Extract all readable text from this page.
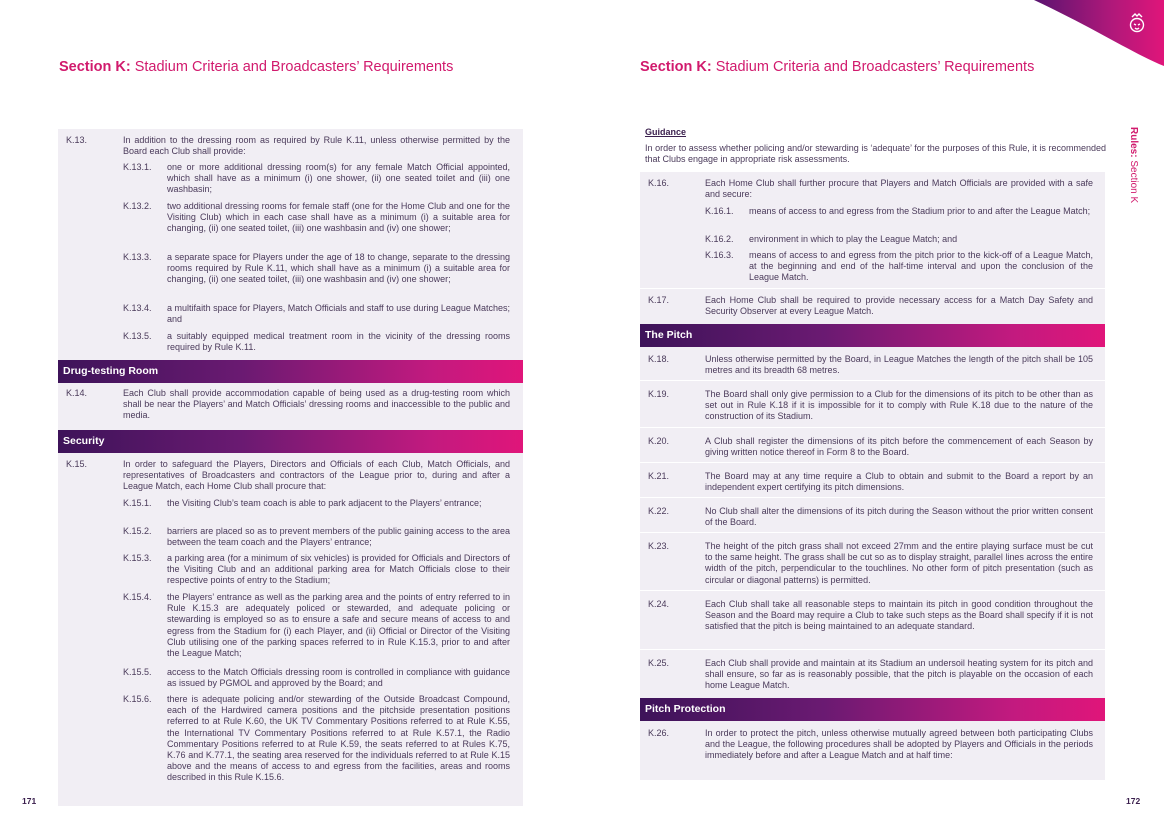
Section K: Stadium Criteria and Broadcasters’ Requirements
K.13.	In addition to the dressing room as required by Rule K.11, unless otherwise permitted by the Board each Club shall provide:
K.13.1. one or more additional dressing room(s) for any female Match Official appointed, which shall have as a minimum (i) one shower, (ii) one seated toilet and (iii) one washbasin;
K.13.2. two additional dressing rooms for female staff (one for the Home Club and one for the Visiting Club) which in each case shall have as a minimum (i) a suitable area for changing, (ii) one seated toilet, (iii) one washbasin and (iv) one shower;
K.13.3. a separate space for Players under the age of 18 to change, separate to the dressing rooms required by Rule K.11, which shall have as a minimum (i) a suitable area for changing, (ii) one seated toilet, (iii) one washbasin and (iv) one shower;
K.13.4. a multifaith space for Players, Match Officials and staff to use during League Matches; and
K.13.5. a suitably equipped medical treatment room in the vicinity of the dressing rooms required by Rule K.11.
Drug-testing Room
K.14.	Each Club shall provide accommodation capable of being used as a drug-testing room which shall be near the Players’ and Match Officials’ dressing rooms and inaccessible to the public and media.
Security
K.15.	In order to safeguard the Players, Directors and Officials of each Club, Match Officials, and representatives of Broadcasters and contractors of the League prior to, during and after a League Match, each Home Club shall procure that:
K.15.1. the Visiting Club’s team coach is able to park adjacent to the Players’ entrance;
K.15.2. barriers are placed so as to prevent members of the public gaining access to the area between the team coach and the Players’ entrance;
K.15.3. a parking area (for a minimum of six vehicles) is provided for Officials and Directors of the Visiting Club and an additional parking area for Match Officials close to their respective points of entry to the Stadium;
K.15.4. the Players’ entrance as well as the parking area and the points of entry referred to in Rule K.15.3 are adequately policed or stewarded, and adequate policing or stewarding is employed so as to ensure a safe and secure means of access to and egress from the Stadium for (i) each Player, and (ii) Official or Director of the Visiting Club utilising one of the parking spaces referred to in Rule K.15.3, prior to and after the League Match;
K.15.5. access to the Match Officials dressing room is controlled in compliance with guidance as issued by PGMOL and approved by the Board; and
K.15.6. there is adequate policing and/or stewarding of the Outside Broadcast Compound, each of the Hardwired camera positions and the pitchside presentation positions referred to at Rule K.60, the UK TV Commentary Positions referred to at Rule K.55, the International TV Commentary Positions referred to at Rule K.57.1, the Radio Commentary Positions referred to at Rule K.59, the seats referred to at Rules K.75, K.76 and K.77.1, the seating area reserved for the individuals referred to at Rule K.15 above and the means of access to and egress from the facilities, areas and rooms described in this Rule K.15.6.
171
Section K: Stadium Criteria and Broadcasters’ Requirements
Guidance
In order to assess whether policing and/or stewarding is ‘adequate’ for the purposes of this Rule, it is recommended that Clubs engage in appropriate risk assessments.
K.16.	Each Home Club shall further procure that Players and Match Officials are provided with a safe and secure:
K.16.1. means of access to and egress from the Stadium prior to and after the League Match;
K.16.2. environment in which to play the League Match; and
K.16.3. means of access to and egress from the pitch prior to the kick-off of a League Match, at the beginning and end of the half-time interval and upon the conclusion of the League Match.
K.17.	Each Home Club shall be required to provide necessary access for a Match Day Safety and Security Observer at every League Match.
The Pitch
K.18.	Unless otherwise permitted by the Board, in League Matches the length of the pitch shall be 105 metres and its breadth 68 metres.
K.19.	The Board shall only give permission to a Club for the dimensions of its pitch to be other than as set out in Rule K.18 if it is impossible for it to comply with Rule K.18 due to the nature of the construction of its Stadium.
K.20.	A Club shall register the dimensions of its pitch before the commencement of each Season by giving written notice thereof in Form 8 to the Board.
K.21.	The Board may at any time require a Club to obtain and submit to the Board a report by an independent expert certifying its pitch dimensions.
K.22.	No Club shall alter the dimensions of its pitch during the Season without the prior written consent of the Board.
K.23.	The height of the pitch grass shall not exceed 27mm and the entire playing surface must be cut to the same height. The grass shall be cut so as to display straight, parallel lines across the entire width of the pitch, perpendicular to the touchlines. No other form of pitch presentation (such as circular or diagonal patterns) is permitted.
K.24.	Each Club shall take all reasonable steps to maintain its pitch in good condition throughout the Season and the Board may require a Club to take such steps as the Board shall specify if it is not satisfied that the pitch is being maintained to an adequate standard.
K.25.	Each Club shall provide and maintain at its Stadium an undersoil heating system for its pitch and shall ensure, so far as is reasonably possible, that the pitch is playable on the occasion of each home League Match.
Pitch Protection
K.26.	In order to protect the pitch, unless otherwise mutually agreed between both participating Clubs and the League, the following procedures shall be adopted by Players and Officials in the periods immediately before and after a League Match and at half time:
172
Rules: Section K
